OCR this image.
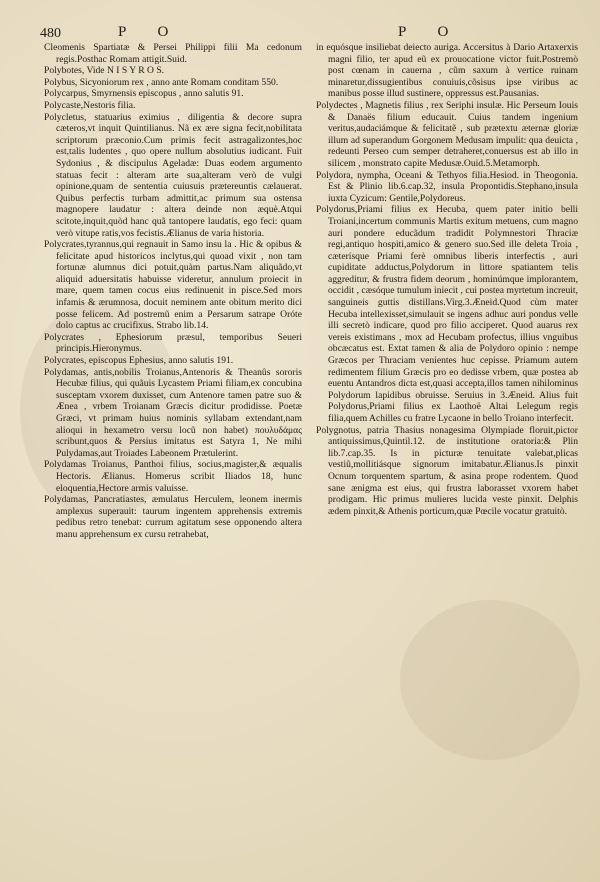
480	P O	P O

Cleomenis Spartiatæ & Persei Philippi filii Ma cedonum regis.Posthac Romam attigit.Suid.

Polybotes, Vide N I S Y R O S.

Polybus, Sicyoniorum rex , anno ante Romam conditam 550.

Polycarpus, Smyrnensis episcopus , anno salutis 91.

Polycaste,Nestoris filia.

Polycletus, statuarius eximius , diligentia & decore supra cæteros,vt inquit Quintilianus. Nã ex ære signa fecit,nobilitata scriptorum præconio.Cum primis fecit astragalizontes,hoc est,talis ludentes , quo opere nullum absolutius iudicant. Fuit Sydonius , & discipulus Ageladæ: Duas eodem argumento statuas fecit : alteram arte sua,alteram verò de vulgi opinione,quam de sententia cuiusuis prætereuntis cælauerat. Quibus perfectis turbam admittit,ac primum sua ostensa magnopere laudatur : altera deinde non æquè.Atqui scitote,inquit,quòd hanc quã tantopere laudatis, ego feci: quam verò vitupe ratis,vos fecistis.Ælianus de varia historia.

Polycrates,tyrannus,qui regnauit in Samo insu la . Hic & opibus & felicitate apud historicos inclytus,qui quoad vixit , non tam fortunæ alumnus dici potuit,quàm partus.Nam aliquãdo,vt aliquid aduersitatis habuisse videretur, annulum proiecit in mare, quem tamen cocus eius redinuenit in pisce.Sed mors infamis & ærumnosa, docuit neminem ante obitum merito dici posse felicem. Ad postremũ enim a Persarum satrape Oróte dolo captus ac crucifixus. Strabo lib.14.

Polycrates , Ephesiorum præsul, temporibus Seueri principis.Hieronymus.

Polycrates, episcopus Ephesius, anno salutis 191.

Polydamas, antis,nobilis Troianus,Antenoris & Theanûs sororis Hecubæ filius, qui quãuis Lycastem Priami filiam,ex concubina susceptam vxorem duxisset, cum Antenore tamen patre suo & Ænea , vrbem Troianam Græcis dicitur prodidisse. Poetæ Græci, vt primam huius nominis syllabam extendant,nam alioqui in hexametro versu locũ non habet) πουλυδάμας scribunt,quos & Persius imitatus est Satyra 1, Ne mihi Pulydamas,aut Troiades Labeonem Prætulerint.

Polydamas Troianus, Panthoi filius, socius,magister,& æqualis Hectoris. Ælianus. Homerus scribit Iliados 18, hunc eloquentia,Hectore armis valuisse.

Polydamas, Pancratiastes, æmulatus Herculem, leonem inermis amplexus superauit: taurum ingentem apprehensis extremis pedibus retro tenebat: currum agitatum sese opponendo altera manu apprehensum ex cursu retrahebat,

in equósque insiliebat deiecto auriga. Accersitus à Dario Artaxerxis magni filio, ter apud eũ ex prouocatione victor fuit.Postremò post cœnam in cauerna , cũm saxum à vertice ruinam minaretur,dissugientibus conuiuis,cõsisus ipse viribus ac manibus posse illud sustinere, oppressus est.Pausanias.

Polydectes , Magnetis filius , rex Seriphi insulæ. Hic Perseum Iouis & Danaës filium educauit. Cuius tandem ingenium veritus,audaciámque & felicitatẽ , sub prætextu æternæ gloriæ illum ad superandum Gorgonem Medusam impulit: qua deuicta , redeunti Perseo cum semper detraheret,conuersus est ab illo in silicem , monstrato capite Medusæ.Ouid.5.Metamorph.

Polydora, nympha, Oceani & Tethyos filia.Hesiod. in Theogonia. Est & Plinio lib.6.cap.32, insula Propontidis.Stephano,insula iuxta Cyzicum: Gentile,Polydoreus.

Polydorus,Priami filius ex Hecuba, quem pater initio belli Troiani,incertum communis Martis exitum metuens, cum magno auri pondere educãdum tradidit Polymnestori Thraciæ regi,antiquo hospiti,amico & genero suo.Sed ille deleta Troia , cæterísque Priami ferè omnibus liberis interfectis , auri cupiditate adductus,Polydorum in littore spatiantem telis aggreditur, & frustra fidem deorum , hominúmque implorantem, occidit , cæsóque tumulum iniecit , cui postea myrtetum increuit, sanguineis guttis distillans.Virg.3.Æneid.Quod cùm mater Hecuba intellexisset,simulauit se ingens adhuc auri pondus velle illi secretò indicare, quod pro filio acciperet. Quod auarus rex vereis existimans , mox ad Hecubam profectus, illius vnguibus obcæcatus est. Extat tamen & alia de Polydoro opinio : nempe Græcos per Thraciam venientes huc cepisse. Priamum autem redimentem filium Græcis pro eo dedisse vrbem, quæ postea ab euentu Antandros dicta est,quasi accepta,illos tamen nihilominus Polydorum lapidibus obruisse. Seruius in 3.Æneid. Alius fuit Polydorus,Priami filius ex Laothoë Altai Lelegum regis filia,quem Achilles cu fratre Lycaone in bello Troiano interfecit.

Polygnotus, patria Thasius nonagesima Olympiade floruit,pictor antiquissimus,Quintil.12. de institutione oratoria:& Plin lib.7.cap.35. Is in picturæ tenuitate valebat,plicas vestiũ,mollitiásque signorum imitabatur.Ælianus.Is pinxit Ocnum torquentem spartum, & asina prope rodentem. Quod sane ænigma est eius, qui frustra laborasset vxorem habet prodigam. Hic primus mulieres lucida veste pinxit. Delphis ædem pinxit,& Athenis porticum,quæ Pœcile vocatur gratuitò.
